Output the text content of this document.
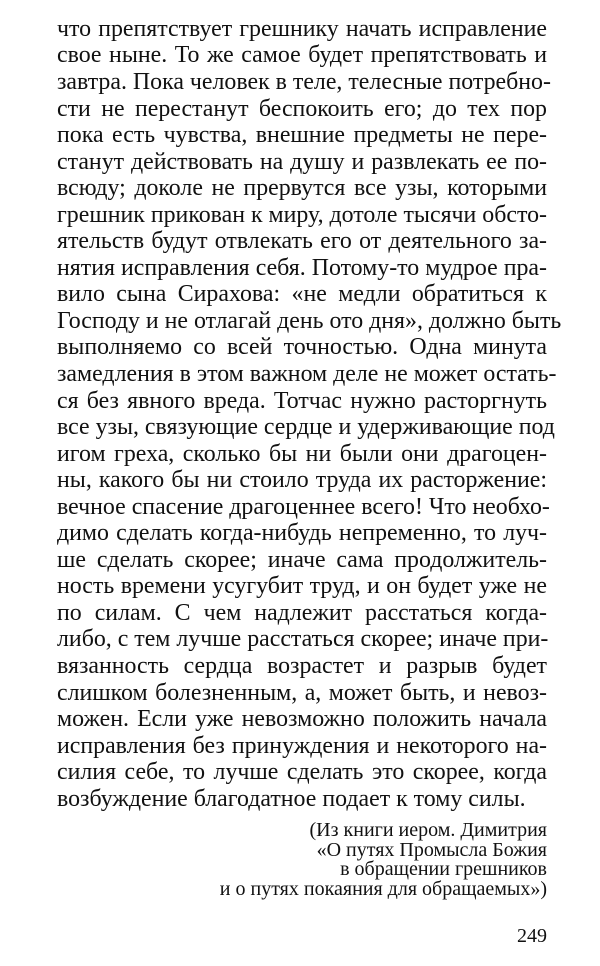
что препятствует грешнику начать исправление
свое ныне. То же самое будет препятствовать и
завтра. Пока человек в теле, телесные потребно-
сти не перестанут беспокоить его; до тех пор
пока есть чувства, внешние предметы не пере-
станут действовать на душу и развлекать ее по-
всюду; доколе не прервутся все узы, которыми
грешник прикован к миру, дотоле тысячи обсто-
ятельств будут отвлекать его от деятельного за-
нятия исправления себя. Потому-то мудрое пра-
вило сына Сирахова: «не медли обратиться к
Господу и не отлагай день ото дня», должно быть
выполняемо со всей точностью. Одна минута
замедления в этом важном деле не может остать-
ся без явного вреда. Тотчас нужно расторгнуть
все узы, связующие сердце и удерживающие под
игом греха, сколько бы ни были они драгоцен-
ны, какого бы ни стоило труда их расторжение:
вечное спасение драгоценнее всего! Что необхо-
димо сделать когда-нибудь непременно, то луч-
ше сделать скорее; иначе сама продолжитель-
ность времени усугубит труд, и он будет уже не
по силам. С чем надлежит расстаться когда-
либо, с тем лучше расстаться скорее; иначе при-
вязанность сердца возрастет и разрыв будет
слишком болезненным, а, может быть, и невоз-
можен. Если уже невозможно положить начала
исправления без принуждения и некоторого на-
силия себе, то лучше сделать это скорее, когда
возбуждение благодатное подает к тому силы.
(Из книги иером. Димитрия
«О путях Промысла Божия
в обращении грешников
и о путях покаяния для обращаемых»)
249
